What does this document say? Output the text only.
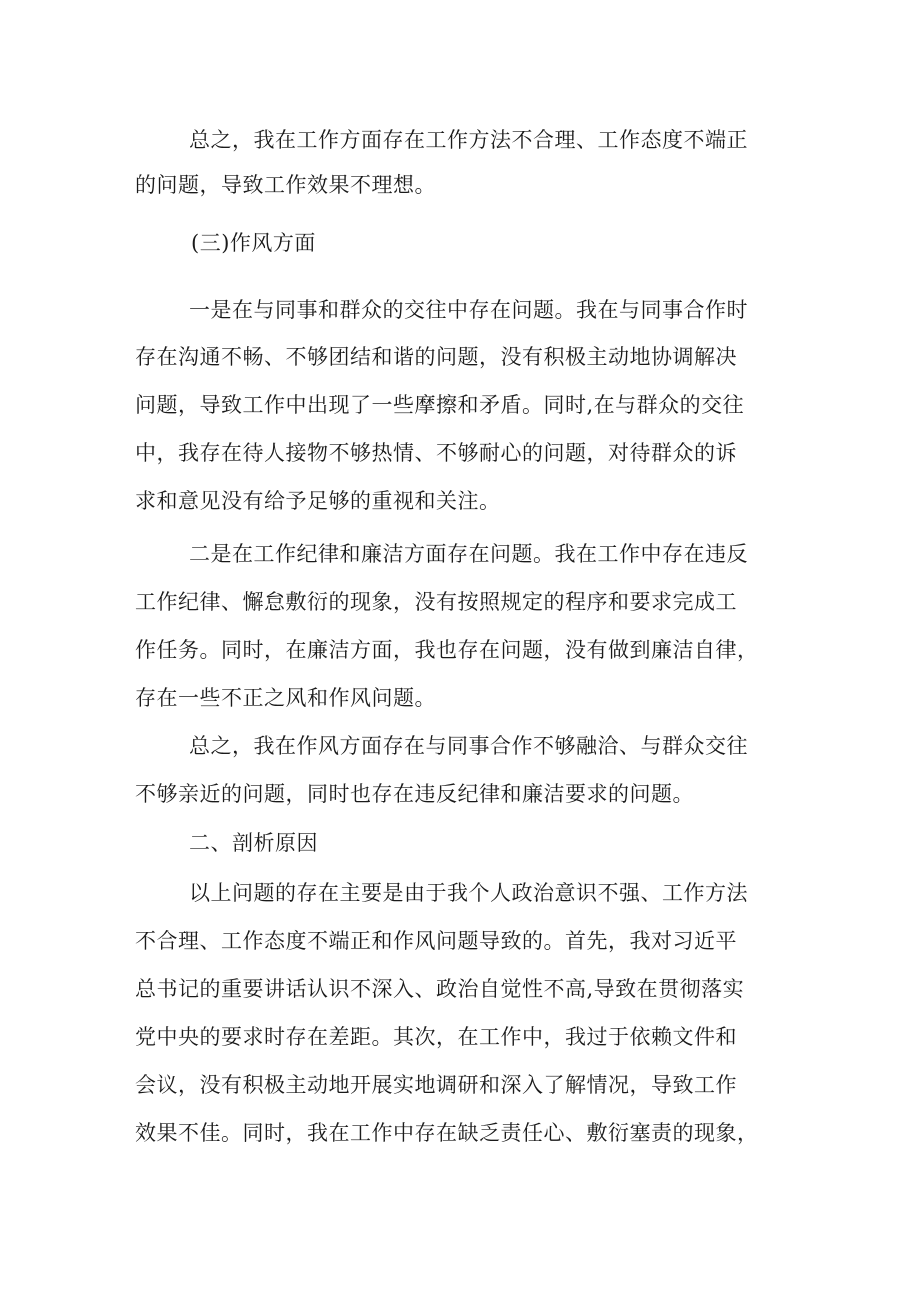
总之，我在工作方面存在工作方法不合理、工作态度不端正
的问题，导致工作效果不理想。
(三)作风方面
一是在与同事和群众的交往中存在问题。我在与同事合作时
存在沟通不畅、不够团结和谐的问题，没有积极主动地协调解决
问题，导致工作中出现了一些摩擦和矛盾。同时,在与群众的交往
中，我存在待人接物不够热情、不够耐心的问题，对待群众的诉
求和意见没有给予足够的重视和关注。
二是在工作纪律和廉洁方面存在问题。我在工作中存在违反
工作纪律、懈怠敷衍的现象，没有按照规定的程序和要求完成工
作任务。同时，在廉洁方面，我也存在问题，没有做到廉洁自律，
存在一些不正之风和作风问题。
总之，我在作风方面存在与同事合作不够融洽、与群众交往
不够亲近的问题，同时也存在违反纪律和廉洁要求的问题。
二、剖析原因
以上问题的存在主要是由于我个人政治意识不强、工作方法
不合理、工作态度不端正和作风问题导致的。首先，我对习近平
总书记的重要讲话认识不深入、政治自觉性不高,导致在贯彻落实
党中央的要求时存在差距。其次，在工作中，我过于依赖文件和
会议，没有积极主动地开展实地调研和深入了解情况，导致工作
效果不佳。同时，我在工作中存在缺乏责任心、敷衍塞责的现象，
